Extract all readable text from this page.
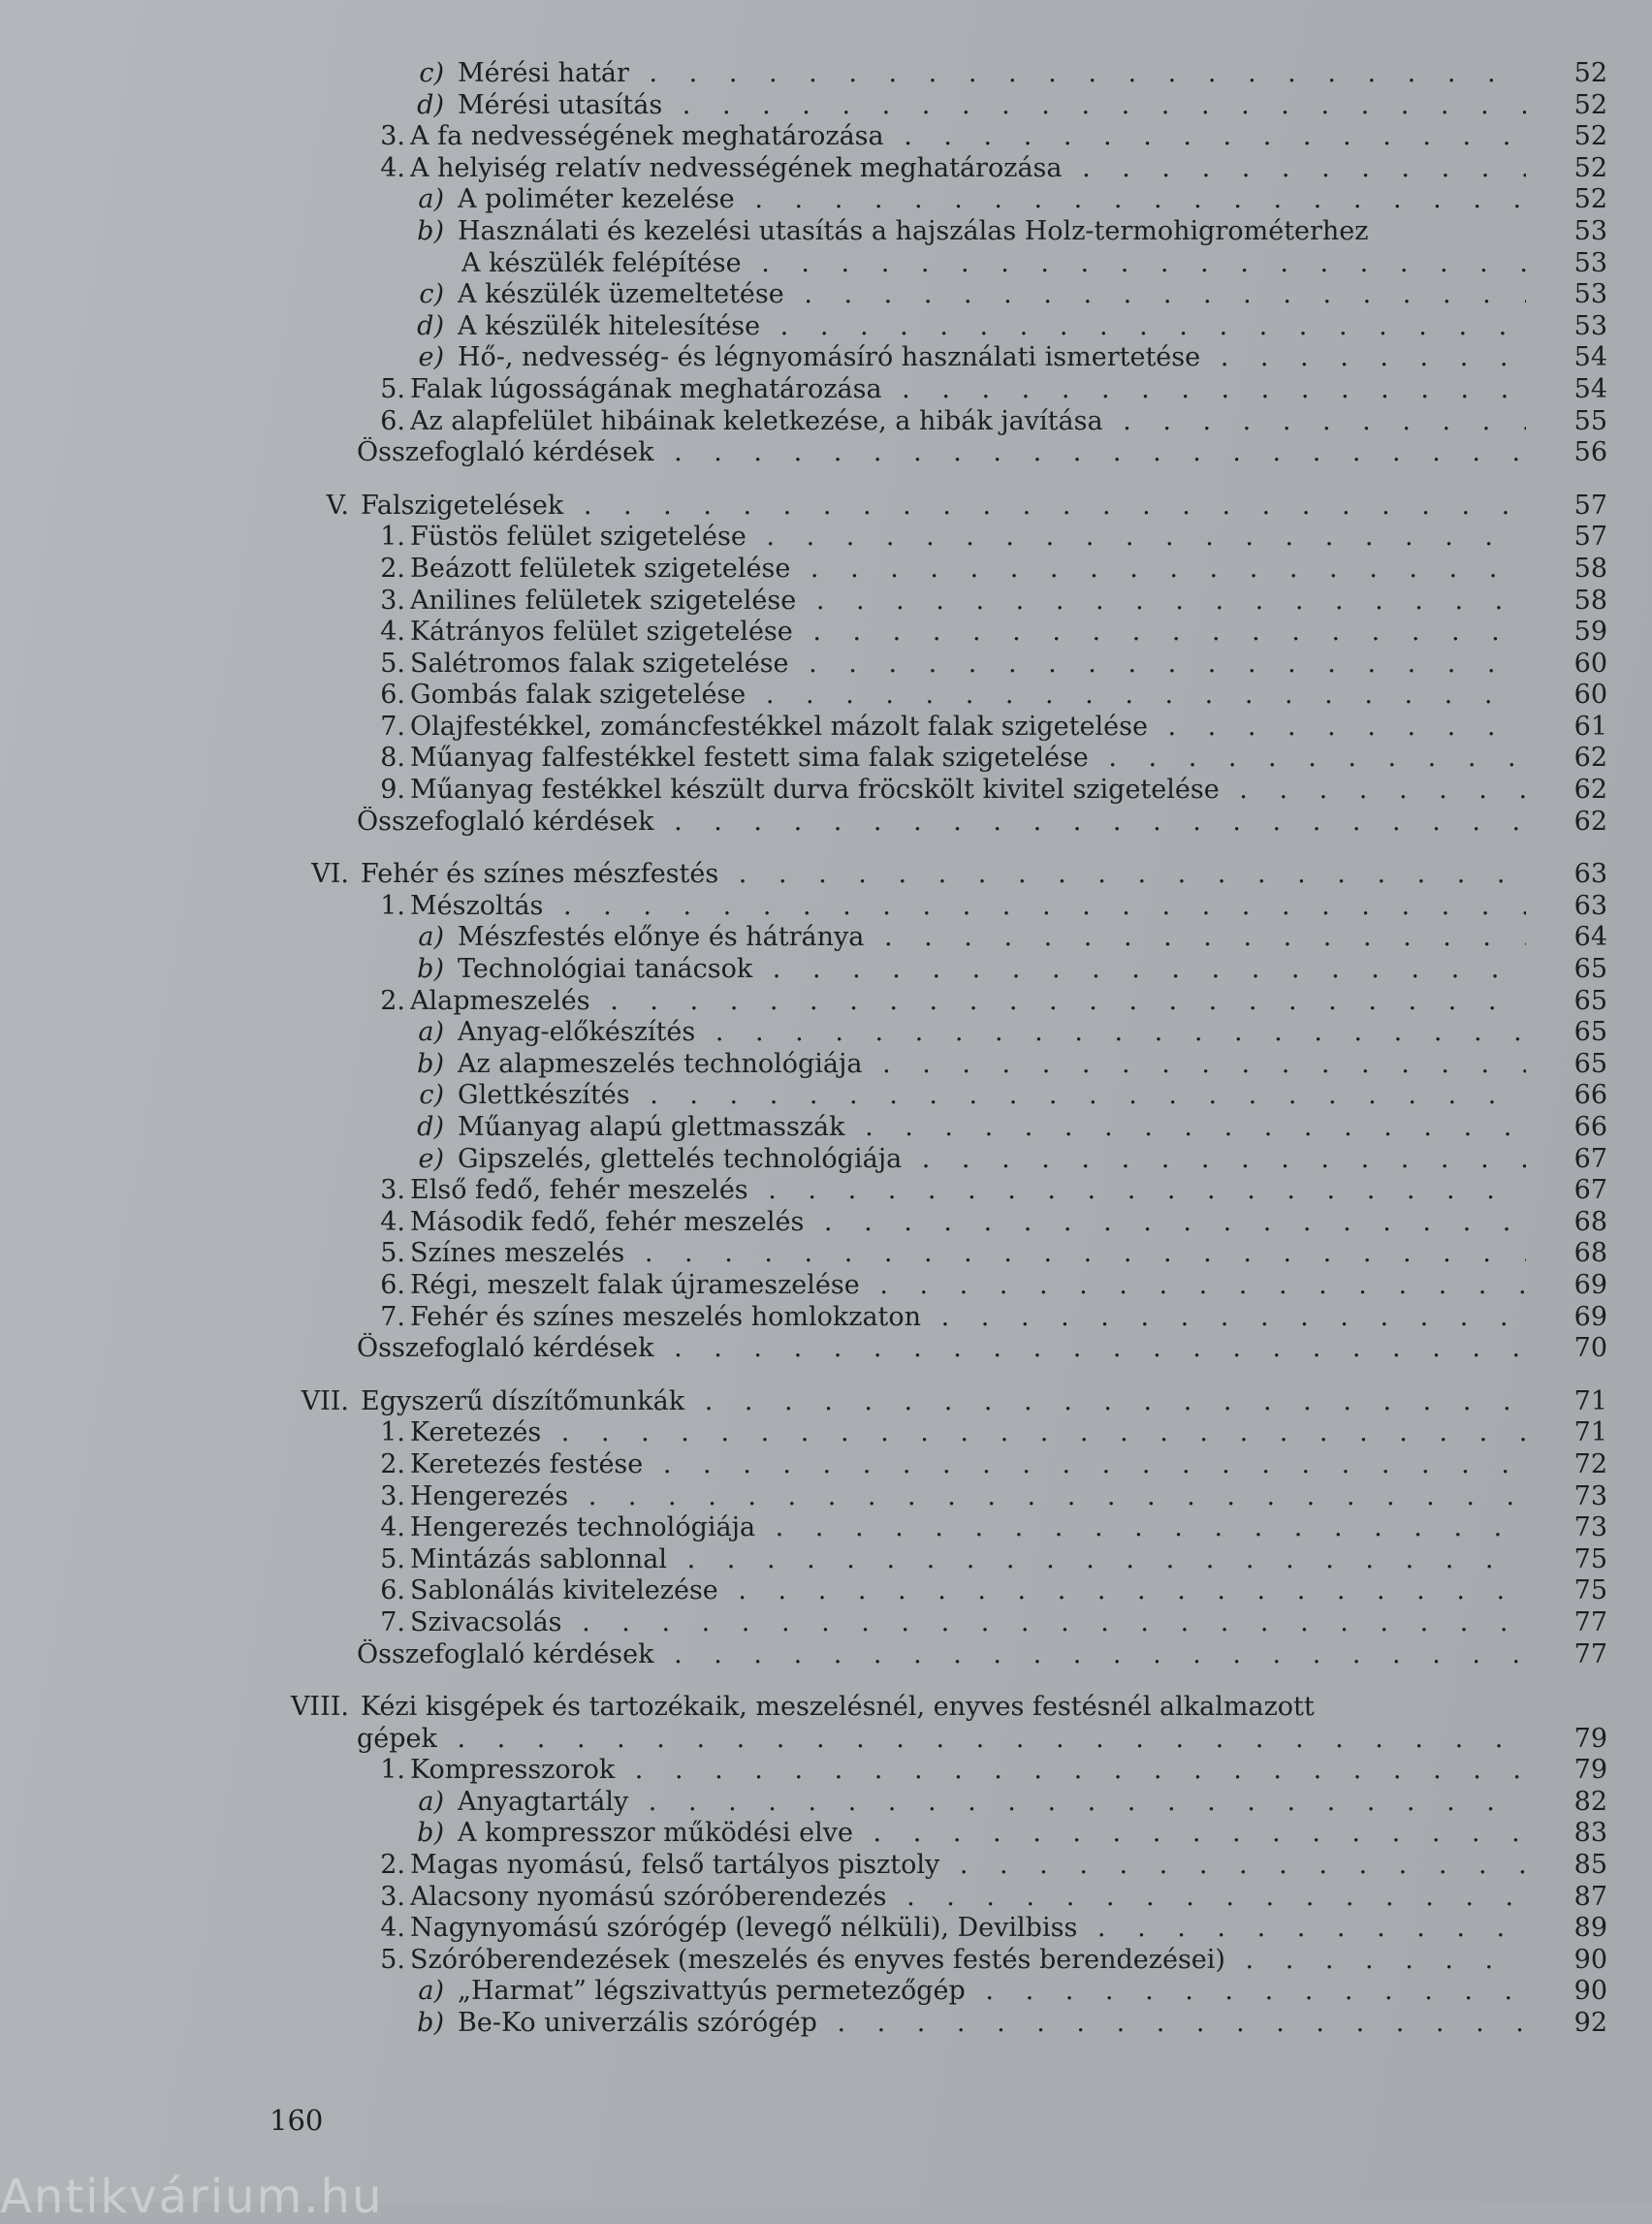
c) Mérési határ . . .	52
d) Mérési utasítás . . .	52
3. A fa nedvességének meghatározása . . .	52
4. A helyiség relatív nedvességének meghatározása . . .	52
a) A poliméter kezelése . . .	52
b) Használati és kezelési utasítás a hajszálas Holz-termohigrométerhez	53
A készülék felépítése . . .	53
c) A készülék üzemeltetése . . .	53
d) A készülék hitelesítése . . .	53
e) Hő-, nedvesség- és légnyomásíró használati ismertetése . . .	54
5. Falak lúgosságának meghatározása . . .	54
6. Az alapfelület hibáinak keletkezése, a hibák javítása . . .	55
Összefoglaló kérdések . . .	56
V. Falszigetelések . . .	57
1. Füstös felület szigetelése . . .	57
2. Beázott felületek szigetelése . . .	58
3. Anilines felületek szigetelése . . .	58
4. Kátrányos felület szigetelése . . .	59
5. Salétromos falak szigetelése . . .	60
6. Gombás falak szigetelése . . .	60
7. Olajfestékkel, zománcfestékkel mázolt falak szigetelése . . .	61
8. Műanyag falfestékkel festett sima falak szigetelése . . .	62
9. Műanyag festékkel készült durva fröcskölt kivitel szigetelése . . .	62
Összefoglaló kérdések . . .	62
VI. Fehér és színes mészfestés . . .	63
1. Mészoltás . . .	63
a) Mészfestés előnye és hátránya . . .	64
b) Technológiai tanácsok . . .	65
2. Alapmeszelés . . .	65
a) Anyag-előkészítés . . .	65
b) Az alapmeszelés technológiája . . .	65
c) Glettkészítés . . .	66
d) Műanyag alapú glettmasszák . . .	66
e) Gipszelés, glettelés technológiája . . .	67
3. Első fedő, fehér meszelés . . .	67
4. Második fedő, fehér meszelés . . .	68
5. Színes meszelés . . .	68
6. Régi, meszelt falak újrameszelése . . .	69
7. Fehér és színes meszelés homlokzaton . . .	69
Összefoglaló kérdések . . .	70
VII. Egyszerű díszítőmunkák . . .	71
1. Keretezés . . .	71
2. Keretezés festése . . .	72
3. Hengerezés . . .	73
4. Hengerezés technológiája . . .	73
5. Mintázás sablonnal . . .	75
6. Sablonálás kivitelezése . . .	75
7. Szivacsolás . . .	77
Összefoglaló kérdések . . .	77
VIII. Kézi kisgépek és tartozékaik, meszelésnél, enyves festésnél alkalmazott
gépek . . .	79
1. Kompresszorok . . .	79
a) Anyagtartály . . .	82
b) A kompresszor működési elve . . .	83
2. Magas nyomású, felső tartályos pisztoly . . .	85
3. Alacsony nyomású szóróberendezés . . .	87
4. Nagynyomású szórógép (levegő nélküli), Devilbiss . . .	89
5. Szóróberendezések (meszelés és enyves festés berendezései) . . .	90
a) „Harmat” légszivattyús permetezőgép . . .	90
b) Be-Ko univerzális szórógép . . .	92
160
Antikvárium.hu
